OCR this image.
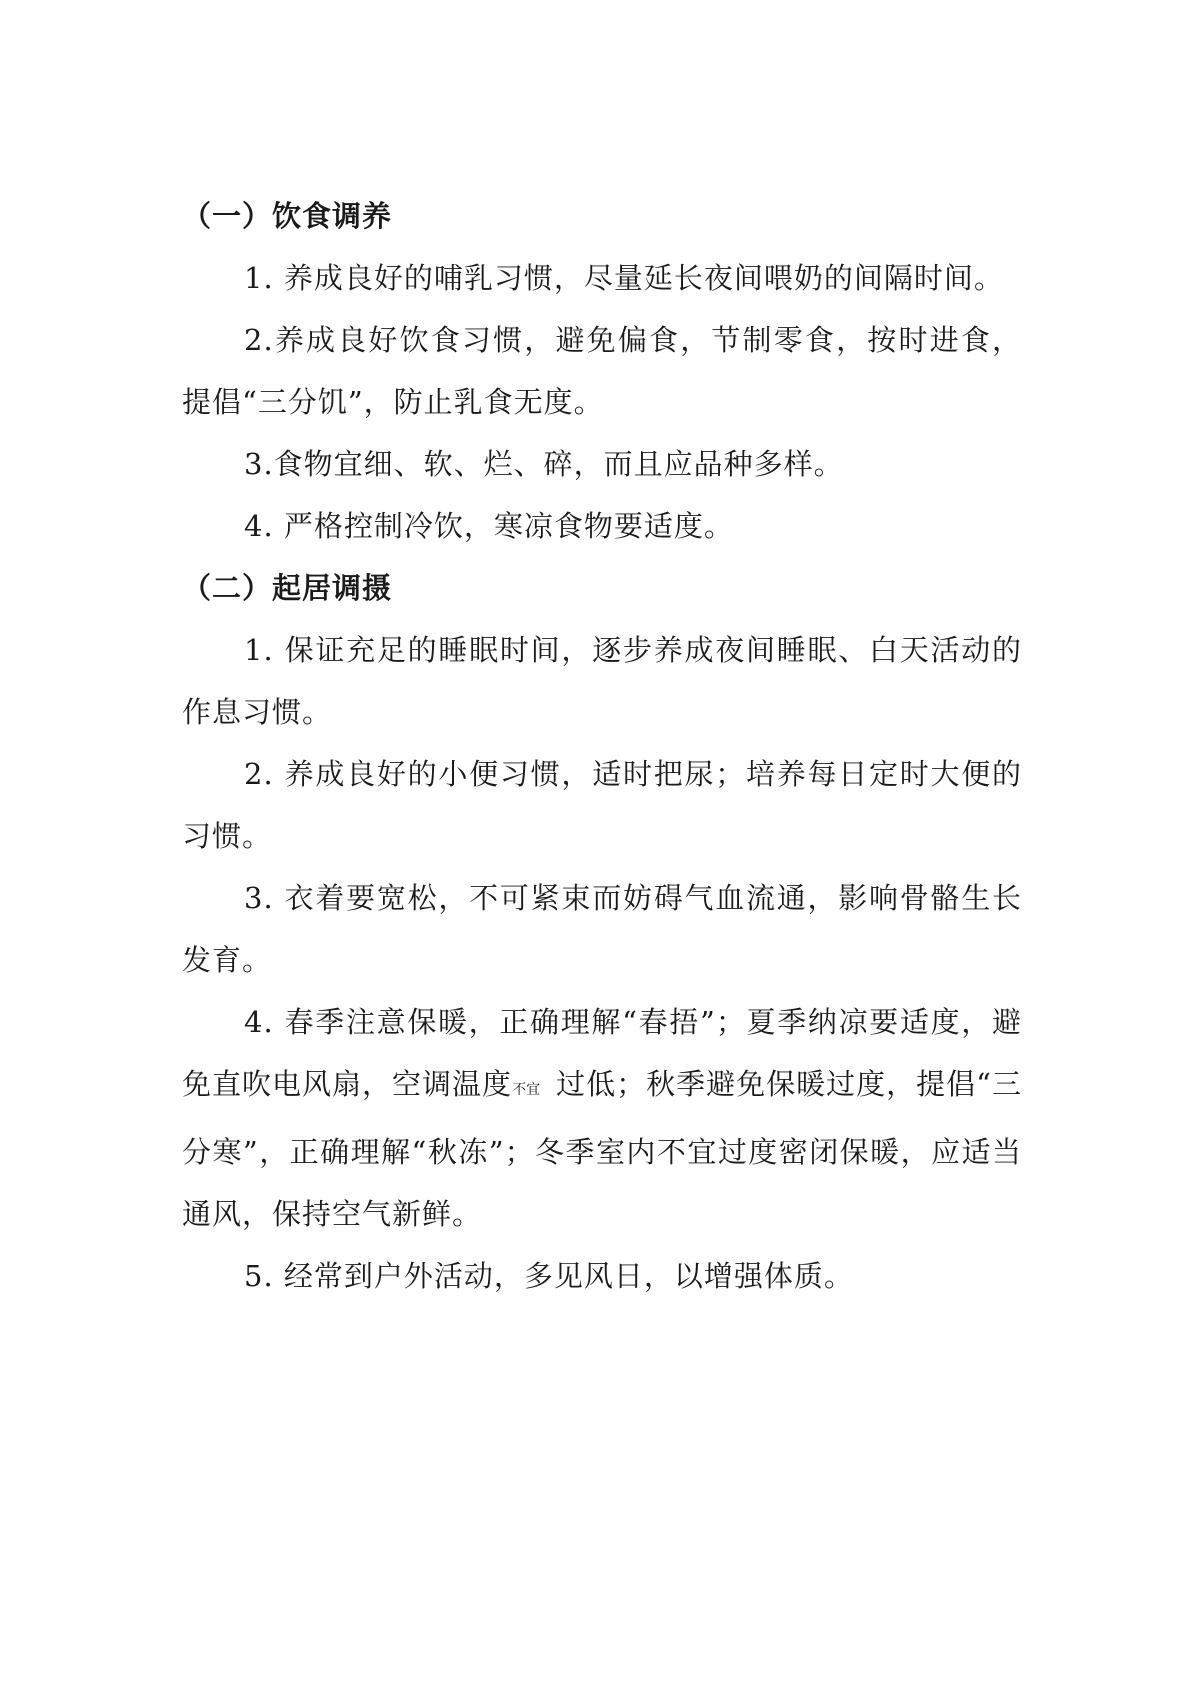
（一）饮食调养

1. 养成良好的哺乳习惯，尽量延长夜间喂奶的间隔时间。

2.养成良好饮食习惯，避免偏食，节制零食，按时进食，提倡“三分饥”，防止乳食无度。

3.食物宜细、软、烂、碎，而且应品种多样。

4. 严格控制冷饮，寒凉食物要适度。

（二）起居调摄

1. 保证充足的睡眠时间，逐步养成夜间睡眠、白天活动的作息习惯。

2. 养成良好的小便习惯，适时把尿；培养每日定时大便的习惯。

3. 衣着要宽松，不可紧束而妨碍气血流通，影响骨骼生长发育。

4. 春季注意保暖，正确理解“春捂”；夏季纳凉要适度，避免直吹电风扇，空调温度不宜 过低；秋季避免保暖过度，提倡“三分寒”，正确理解“秋冻”；冬季室内不宜过度密闭保暖，应适当通风，保持空气新鲜。

5. 经常到户外活动，多见风日，以增强体质。
